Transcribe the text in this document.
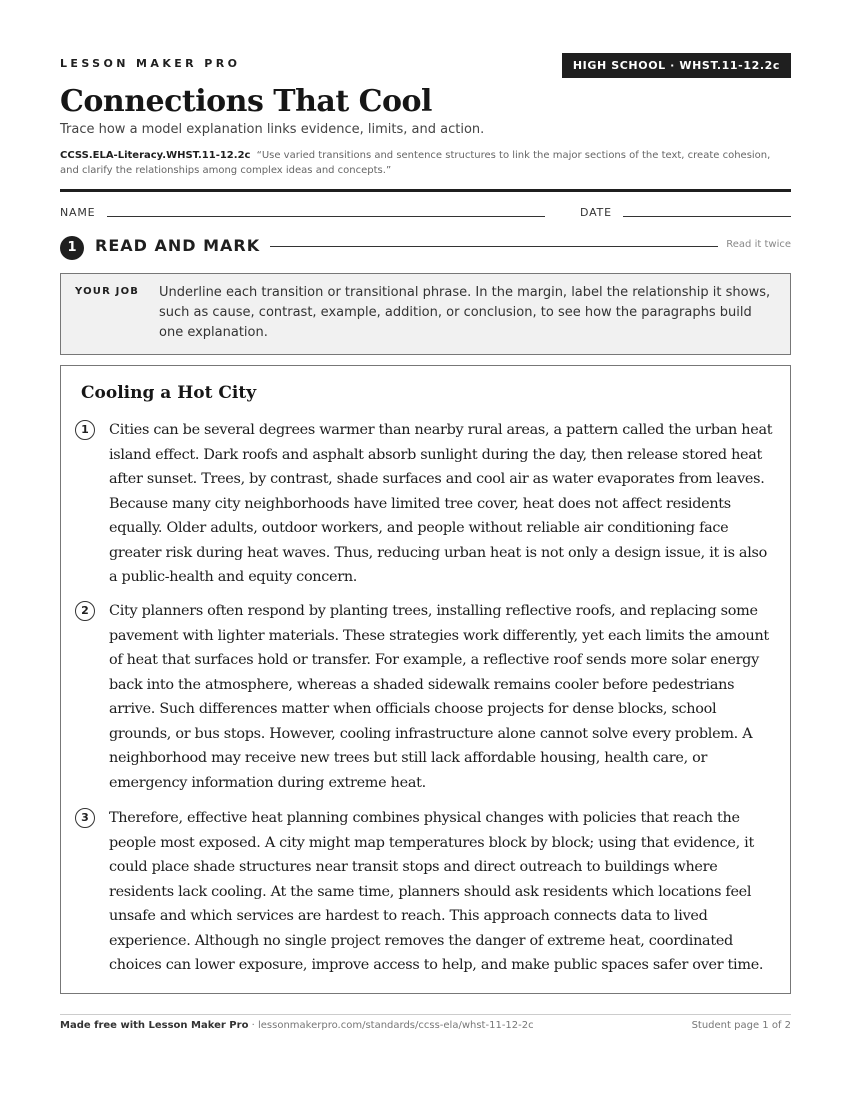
LESSON MAKER PRO	HIGH SCHOOL · WHST.11-12.2c
Connections That Cool
Trace how a model explanation links evidence, limits, and action.
CCSS.ELA-Literacy.WHST.11-12.2c “Use varied transitions and sentence structures to link the major sections of the text, create cohesion, and clarify the relationships among complex ideas and concepts.”
NAME	DATE
1	READ AND MARK	Read it twice
YOUR JOB Underline each transition or transitional phrase. In the margin, label the relationship it shows, such as cause, contrast, example, addition, or conclusion, to see how the paragraphs build one explanation.
Cooling a Hot City
1	Cities can be several degrees warmer than nearby rural areas, a pattern called the urban heat island effect. Dark roofs and asphalt absorb sunlight during the day, then release stored heat after sunset. Trees, by contrast, shade surfaces and cool air as water evaporates from leaves. Because many city neighborhoods have limited tree cover, heat does not affect residents equally. Older adults, outdoor workers, and people without reliable air conditioning face greater risk during heat waves. Thus, reducing urban heat is not only a design issue, it is also a public-health and equity concern.

2	City planners often respond by planting trees, installing reflective roofs, and replacing some pavement with lighter materials. These strategies work differently, yet each limits the amount of heat that surfaces hold or transfer. For example, a reflective roof sends more solar energy back into the atmosphere, whereas a shaded sidewalk remains cooler before pedestrians arrive. Such differences matter when officials choose projects for dense blocks, school grounds, or bus stops. However, cooling infrastructure alone cannot solve every problem. A neighborhood may receive new trees but still lack affordable housing, health care, or emergency information during extreme heat.

3	Therefore, effective heat planning combines physical changes with policies that reach the people most exposed. A city might map temperatures block by block; using that evidence, it could place shade structures near transit stops and direct outreach to buildings where residents lack cooling. At the same time, planners should ask residents which locations feel unsafe and which services are hardest to reach. This approach connects data to lived experience. Although no single project removes the danger of extreme heat, coordinated choices can lower exposure, improve access to help, and make public spaces safer over time.

Made free with Lesson Maker Pro · lessonmakerpro.com/standards/ccss-ela/whst-11-12-2c	Student page 1 of 2
